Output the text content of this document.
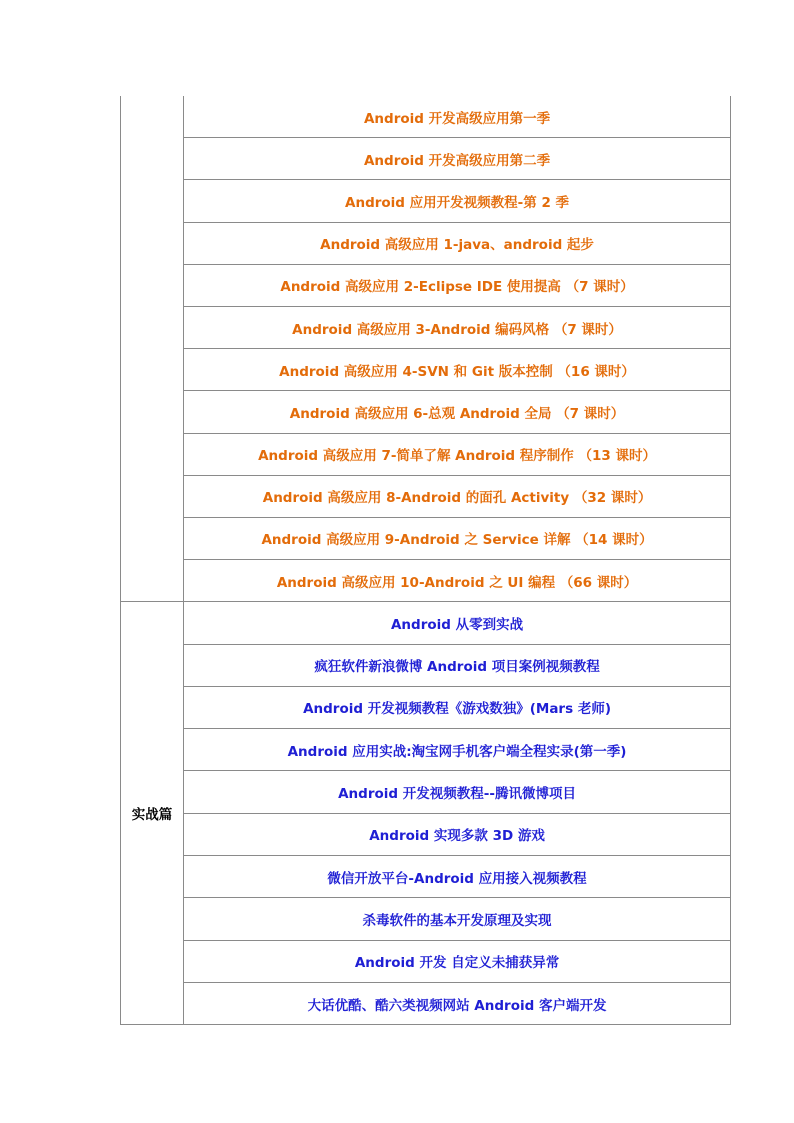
	Android 开发高级应用第一季
	Android 开发高级应用第二季
	Android 应用开发视频教程-第 2 季
	Android 高级应用 1-java、android 起步
	Android 高级应用 2-Eclipse IDE 使用提高 （7 课时）
	Android 高级应用 3-Android 编码风格 （7 课时）
	Android 高级应用 4-SVN 和 Git 版本控制 （16 课时）
	Android 高级应用 6-总观 Android 全局 （7 课时）
	Android 高级应用 7-简单了解 Android 程序制作 （13 课时）
	Android 高级应用 8-Android 的面孔 Activity （32 课时）
	Android 高级应用 9-Android 之 Service 详解 （14 课时）
	Android 高级应用 10-Android 之 UI 编程 （66 课时）
实战篇	Android 从零到实战
	疯狂软件新浪微博 Android 项目案例视频教程
	Android 开发视频教程《游戏数独》(Mars 老师)
	Android 应用实战:淘宝网手机客户端全程实录(第一季)
	Android 开发视频教程--腾讯微博项目
	Android 实现多款 3D 游戏
	微信开放平台-Android 应用接入视频教程
	杀毒软件的基本开发原理及实现
	Android 开发 自定义未捕获异常
	大话优酷、酷六类视频网站 Android 客户端开发
